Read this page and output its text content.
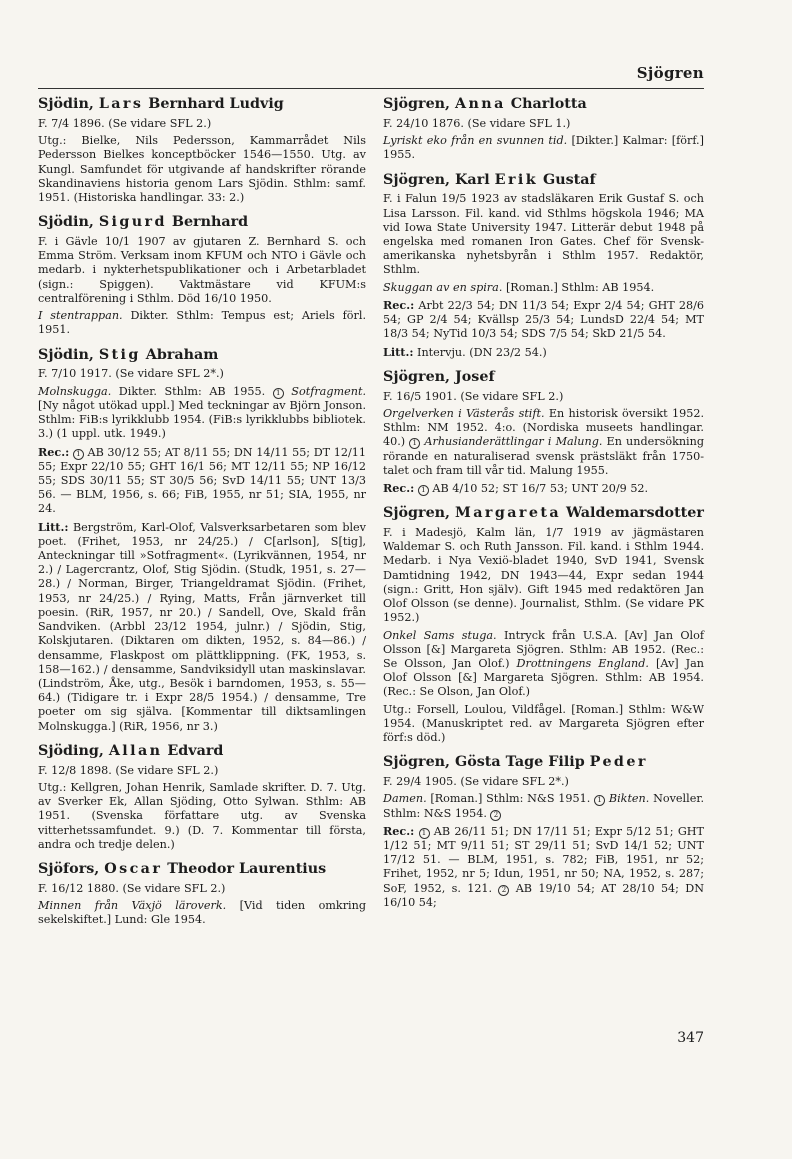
Sjögren
Sjödin, Lars Bernhard Ludvig
F. 7/4 1896. (Se vidare SFL 2.)
Utg.: Bielke, Nils Pedersson, Kammarrådet Nils Pedersson Bielkes konceptböcker 1546—1550. Utg. av Kungl. Samfundet för utgivande af handskrifter rörande Skandinaviens historia genom Lars Sjödin. Sthlm: samf. 1951. (Historiska handlingar. 33: 2.)
Sjödin, Sigurd Bernhard
F. i Gävle 10/1 1907 av gjutaren Z. Bernhard S. och Emma Ström. Verksam inom KFUM och NTO i Gävle och medarb. i nykterhetspublikationer och i Arbetarbladet (sign.: Spiggen). Vaktmästare vid KFUM:s centralförening i Sthlm. Död 16/10 1950.
I stentrappan. Dikter. Sthlm: Tempus est; Ariels förl. 1951.
Sjödin, Stig Abraham
F. 7/10 1917. (Se vidare SFL 2*.)
Molnskugga. Dikter. Sthlm: AB 1955. 1 Sotfragment. [Ny något utökad uppl.] Med teckningar av Björn Jonson. Sthlm: FiB:s lyrikklubb 1954. (FiB:s lyrikklubbs bibliotek. 3.) (1 uppl. utk. 1949.)
Rec.: 1 AB 30/12 55; AT 8/11 55; DN 14/11 55; DT 12/11 55; Expr 22/10 55; GHT 16/1 56; MT 12/11 55; NP 16/12 55; SDS 30/11 55; ST 30/5 56; SvD 14/11 55; UNT 13/3 56. — BLM, 1956, s. 66; FiB, 1955, nr 51; SIA, 1955, nr 24.
Litt.: Bergström, Karl-Olof, Valsverksarbetaren som blev poet. (Frihet, 1953, nr 24/25.) / C[arlson], S[tig], Anteckningar till »Sotfragment«. (Lyrikvännen, 1954, nr 2.) / Lagercrantz, Olof, Stig Sjödin. (Studk, 1951, s. 27—28.) / Norman, Birger, Triangeldramat Sjödin. (Frihet, 1953, nr 24/25.) / Rying, Matts, Från järnverket till poesin. (RiR, 1957, nr 20.) / Sandell, Ove, Skald från Sandviken. (Arbbl 23/12 1954, julnr.) / Sjödin, Stig, Kolskjutaren. (Diktaren om dikten, 1952, s. 84—86.) / densamme, Flaskpost om plättklippning. (FK, 1953, s. 158—162.) / densamme, Sandviksidyll utan maskinslavar. (Lindström, Åke, utg., Besök i barndomen, 1953, s. 55—64.) (Tidigare tr. i Expr 28/5 1954.) / densamme, Tre poeter om sig själva. [Kommentar till diktsamlingen Molnskugga.] (RiR, 1956, nr 3.)
Sjöding, Allan Edvard
F. 12/8 1898. (Se vidare SFL 2.)
Utg.: Kellgren, Johan Henrik, Samlade skrifter. D. 7. Utg. av Sverker Ek, Allan Sjöding, Otto Sylwan. Sthlm: AB 1951. (Svenska författare utg. av Svenska vitterhetssamfundet. 9.) (D. 7. Kommentar till första, andra och tredje delen.)
Sjöfors, Oscar Theodor Laurentius
F. 16/12 1880. (Se vidare SFL 2.)
Minnen från Växjö läroverk. [Vid tiden omkring sekelskiftet.] Lund: Gle 1954.
Sjögren, Anna Charlotta
F. 24/10 1876. (Se vidare SFL 1.)
Lyriskt eko från en svunnen tid. [Dikter.] Kalmar: [förf.] 1955.
Sjögren, Karl Erik Gustaf
F. i Falun 19/5 1923 av stadsläkaren Erik Gustaf S. och Lisa Larsson. Fil. kand. vid Sthlms högskola 1946; MA vid Iowa State University 1947. Litterär debut 1948 på engelska med romanen Iron Gates. Chef för Svensk-amerikanska nyhetsbyrån i Sthlm 1957. Redaktör, Sthlm.
Skuggan av en spira. [Roman.] Sthlm: AB 1954.
Rec.: Arbt 22/3 54; DN 11/3 54; Expr 2/4 54; GHT 28/6 54; GP 2/4 54; Kvällsp 25/3 54; LundsD 22/4 54; MT 18/3 54; NyTid 10/3 54; SDS 7/5 54; SkD 21/5 54.
Litt.: Intervju. (DN 23/2 54.)
Sjögren, Josef
F. 16/5 1901. (Se vidare SFL 2.)
Orgelverken i Västerås stift. En historisk översikt 1952. Sthlm: NM 1952. 4:o. (Nordiska museets handlingar. 40.) 1 Arhusianderättlingar i Malung. En undersökning rörande en naturaliserad svensk prästsläkt från 1750-talet och fram till vår tid. Malung 1955.
Rec.: 1 AB 4/10 52; ST 16/7 53; UNT 20/9 52.
Sjögren, Margareta Waldemarsdotter
F. i Madesjö, Kalm län, 1/7 1919 av jägmästaren Waldemar S. och Ruth Jansson. Fil. kand. i Sthlm 1944. Medarb. i Nya Vexiö-bladet 1940, SvD 1941, Svensk Damtidning 1942, DN 1943—44, Expr sedan 1944 (sign.: Gritt, Hon själv). Gift 1945 med redaktören Jan Olof Olsson (se denne). Journalist, Sthlm. (Se vidare PK 1952.)
Onkel Sams stuga. Intryck från U.S.A. [Av] Jan Olof Olsson [&] Margareta Sjögren. Sthlm: AB 1952. (Rec.: Se Olsson, Jan Olof.) Drottningens England. [Av] Jan Olof Olsson [&] Margareta Sjögren. Sthlm: AB 1954. (Rec.: Se Olson, Jan Olof.)
Utg.: Forsell, Loulou, Vildfågel. [Roman.] Sthlm: W&W 1954. (Manuskriptet red. av Margareta Sjögren efter förf:s död.)
Sjögren, Gösta Tage Filip Peder
F. 29/4 1905. (Se vidare SFL 2*.)
Damen. [Roman.] Sthlm: N&S 1951. 1 Bikten. Noveller. Sthlm: N&S 1954. 2
Rec.: 1 AB 26/11 51; DN 17/11 51; Expr 5/12 51; GHT 1/12 51; MT 9/11 51; ST 29/11 51; SvD 14/1 52; UNT 17/12 51. — BLM, 1951, s. 782; FiB, 1951, nr 52; Frihet, 1952, nr 5; Idun, 1951, nr 50; NA, 1952, s. 287; SoF, 1952, s. 121. 2 AB 19/10 54; AT 28/10 54; DN 16/10 54;
347
